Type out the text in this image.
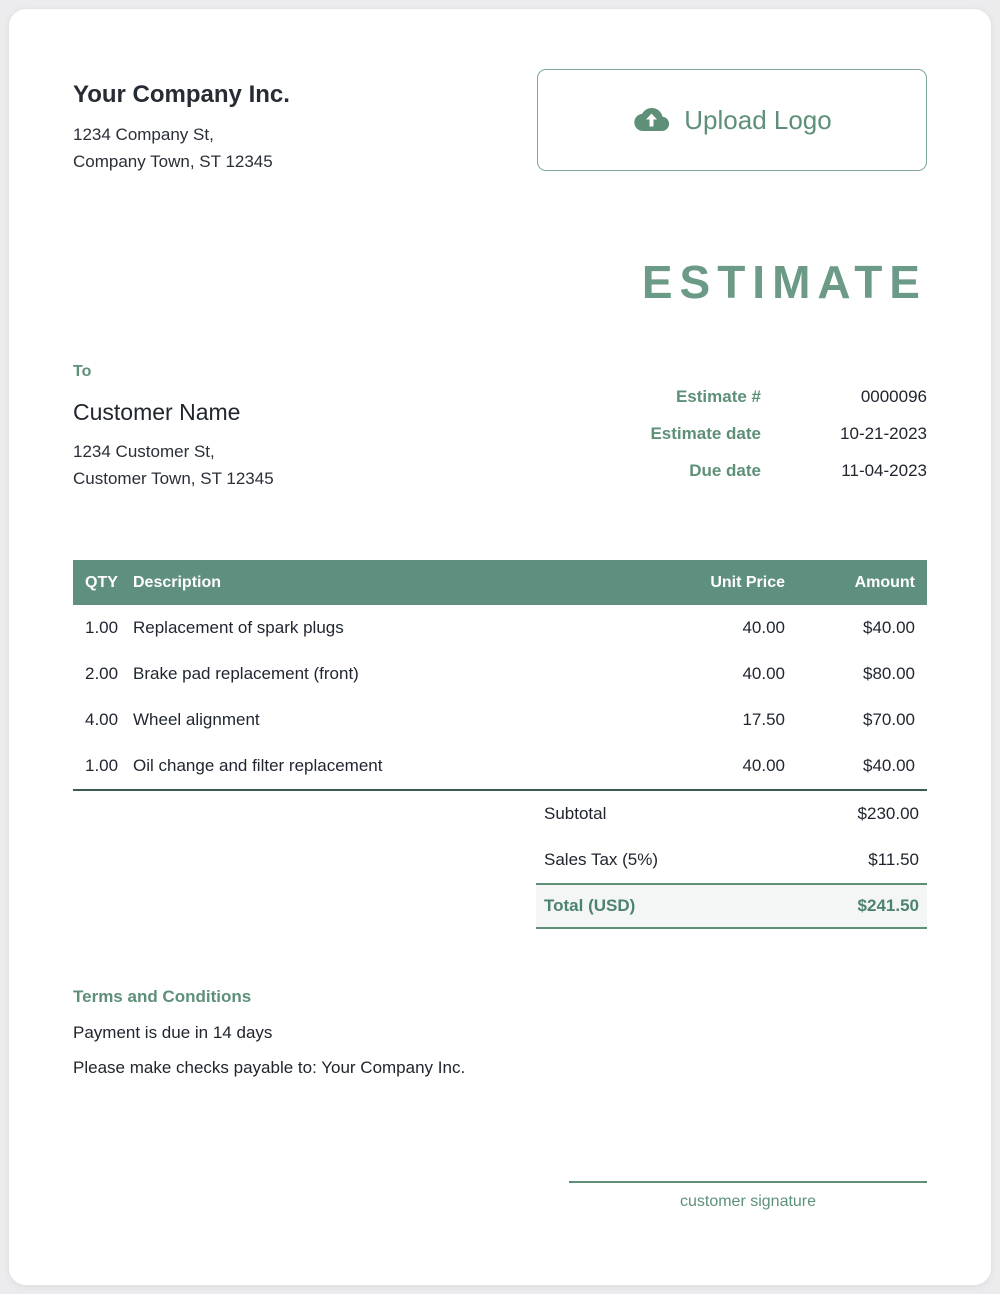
Your Company Inc.
1234 Company St,
Company Town, ST 12345
Upload Logo
ESTIMATE
To
Customer Name
1234 Customer St,
Customer Town, ST 12345
Estimate #	0000096
Estimate date	10-21-2023
Due date	11-04-2023
QTY Description	Unit Price	Amount
1.00 Replacement of spark plugs	40.00	$40.00
2.00 Brake pad replacement (front)	40.00	$80.00
4.00 Wheel alignment	17.50	$70.00
1.00 Oil change and filter replacement	40.00	$40.00
Subtotal	$230.00
Sales Tax (5%)	$11.50
Total (USD)	$241.50
Terms and Conditions
Payment is due in 14 days
Please make checks payable to: Your Company Inc.
customer signature
